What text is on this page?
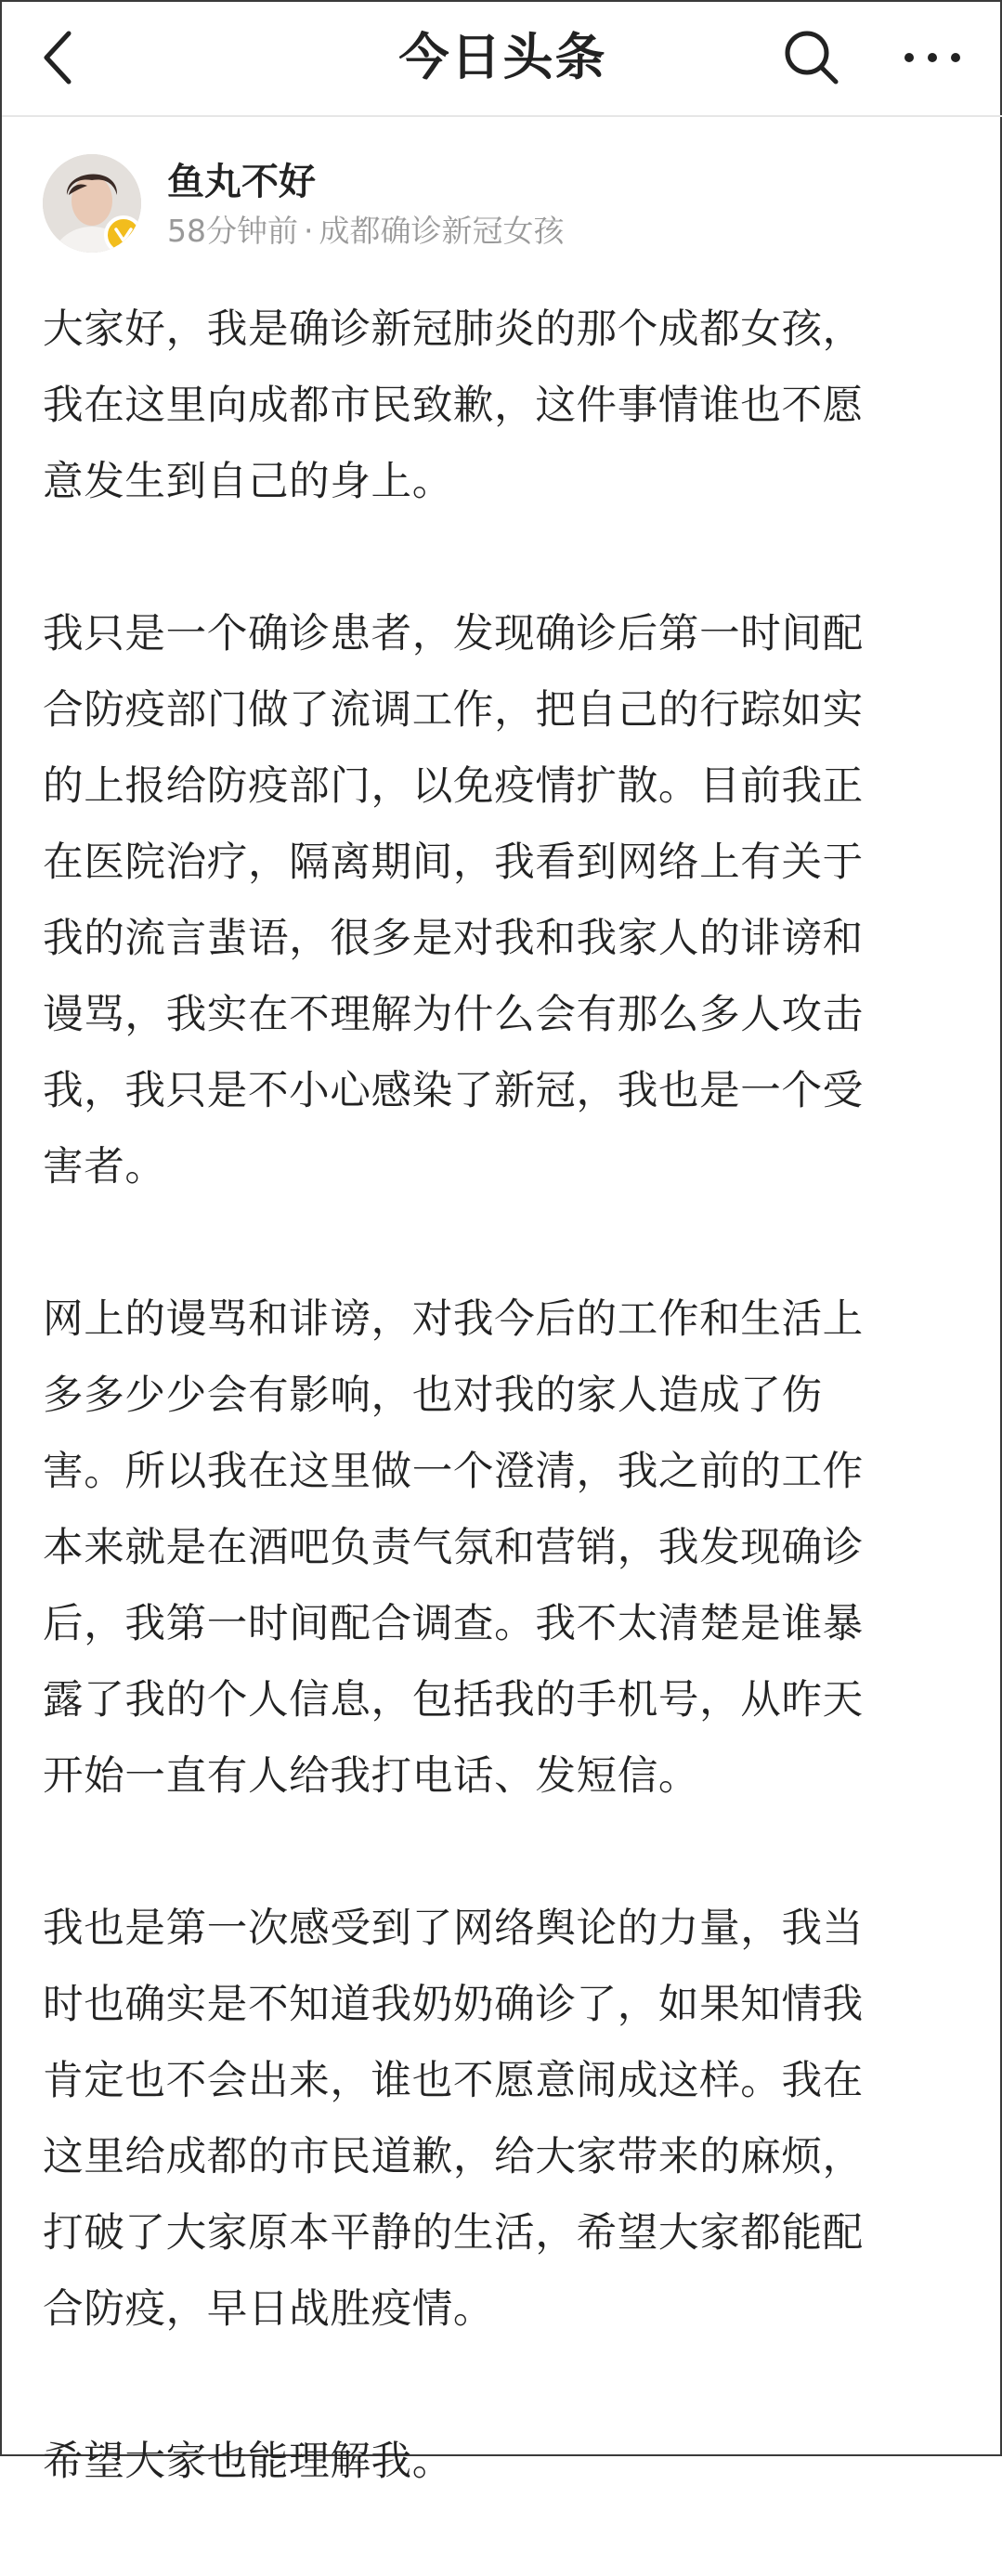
今日头条
鱼丸不好
58分钟前 · 成都确诊新冠女孩

大家好，我是确诊新冠肺炎的那个成都女孩，
我在这里向成都市民致歉，这件事情谁也不愿
意发生到自己的身上。

我只是一个确诊患者，发现确诊后第一时间配
合防疫部门做了流调工作，把自己的行踪如实
的上报给防疫部门，以免疫情扩散。目前我正
在医院治疗，隔离期间，我看到网络上有关于
我的流言蜚语，很多是对我和我家人的诽谤和
谩骂，我实在不理解为什么会有那么多人攻击
我，我只是不小心感染了新冠，我也是一个受
害者。

网上的谩骂和诽谤，对我今后的工作和生活上
多多少少会有影响，也对我的家人造成了伤
害。所以我在这里做一个澄清，我之前的工作
本来就是在酒吧负责气氛和营销，我发现确诊
后，我第一时间配合调查。我不太清楚是谁暴
露了我的个人信息，包括我的手机号，从昨天
开始一直有人给我打电话、发短信。

我也是第一次感受到了网络舆论的力量，我当
时也确实是不知道我奶奶确诊了，如果知情我
肯定也不会出来，谁也不愿意闹成这样。我在
这里给成都的市民道歉，给大家带来的麻烦，
打破了大家原本平静的生活，希望大家都能配
合防疫，早日战胜疫情。

希望大家也能理解我。
